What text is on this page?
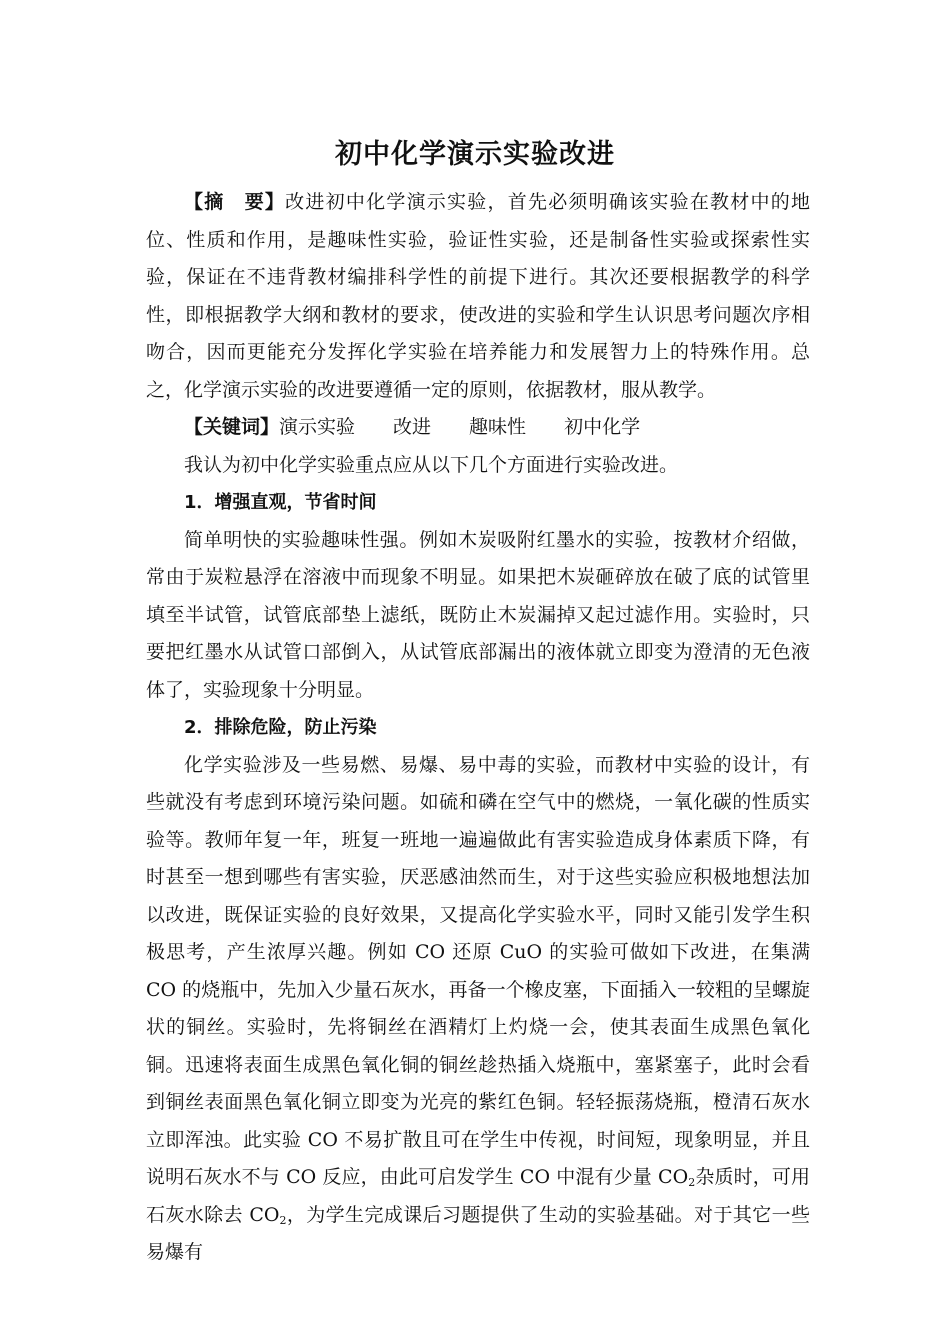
初中化学演示实验改进

【摘　要】改进初中化学演示实验，首先必须明确该实验在教材中的地位、性质和作用，是趣味性实验，验证性实验，还是制备性实验或探索性实验，保证在不违背教材编排科学性的前提下进行。其次还要根据教学的科学性，即根据教学大纲和教材的要求，使改进的实验和学生认识思考问题次序相吻合，因而更能充分发挥化学实验在培养能力和发展智力上的特殊作用。总之，化学演示实验的改进要遵循一定的原则，依据教材，服从教学。

【关键词】演示实验 改进 趣味性 初中化学

我认为初中化学实验重点应从以下几个方面进行实验改进。

1．增强直观，节省时间

简单明快的实验趣味性强。例如木炭吸附红墨水的实验，按教材介绍做，常由于炭粒悬浮在溶液中而现象不明显。如果把木炭砸碎放在破了底的试管里填至半试管，试管底部垫上滤纸，既防止木炭漏掉又起过滤作用。实验时，只要把红墨水从试管口部倒入，从试管底部漏出的液体就立即变为澄清的无色液体了，实验现象十分明显。

2．排除危险，防止污染

化学实验涉及一些易燃、易爆、易中毒的实验，而教材中实验的设计，有些就没有考虑到环境污染问题。如硫和磷在空气中的燃烧，一氧化碳的性质实验等。教师年复一年，班复一班地一遍遍做此有害实验造成身体素质下降，有时甚至一想到哪些有害实验，厌恶感油然而生，对于这些实验应积极地想法加以改进，既保证实验的良好效果，又提高化学实验水平，同时又能引发学生积极思考，产生浓厚兴趣。例如 CO 还原 CuO 的实验可做如下改进，在集满 CO 的烧瓶中，先加入少量石灰水，再备一个橡皮塞，下面插入一较粗的呈螺旋状的铜丝。实验时，先将铜丝在酒精灯上灼烧一会，使其表面生成黑色氧化铜。迅速将表面生成黑色氧化铜的铜丝趁热插入烧瓶中，塞紧塞子，此时会看到铜丝表面黑色氧化铜立即变为光亮的紫红色铜。轻轻振荡烧瓶，橙清石灰水立即浑浊。此实验 CO 不易扩散且可在学生中传视，时间短，现象明显，并且说明石灰水不与 CO 反应，由此可启发学生 CO 中混有少量 $CO_2$杂质时，可用石灰水除去 $CO_2$，为学生完成课后习题提供了生动的实验基础。对于其它一些易爆有
